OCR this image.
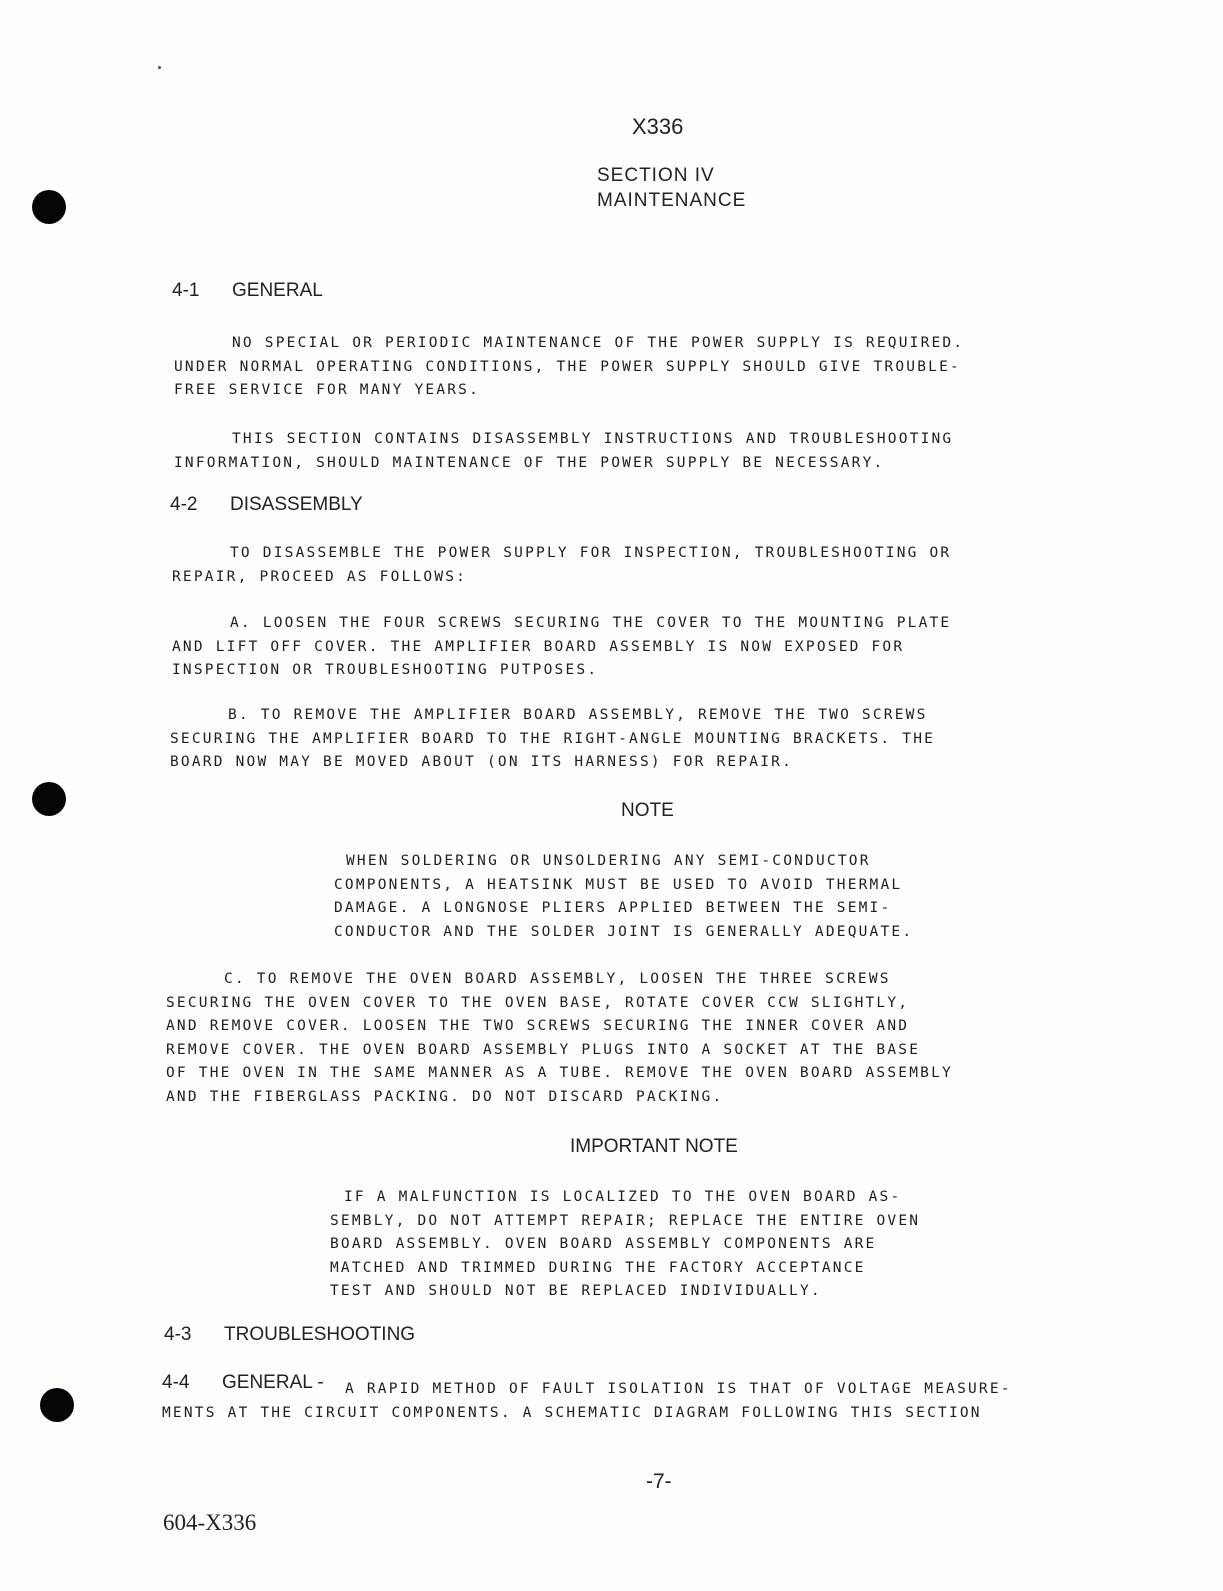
X336
SECTION IV
MAINTENANCE
4-1 GENERAL
NO SPECIAL OR PERIODIC MAINTENANCE OF THE POWER SUPPLY IS REQUIRED.
UNDER NORMAL OPERATING CONDITIONS, THE POWER SUPPLY SHOULD GIVE TROUBLE-
FREE SERVICE FOR MANY YEARS.
THIS SECTION CONTAINS DISASSEMBLY INSTRUCTIONS AND TROUBLESHOOTING
INFORMATION, SHOULD MAINTENANCE OF THE POWER SUPPLY BE NECESSARY.
4-2 DISASSEMBLY
TO DISASSEMBLE THE POWER SUPPLY FOR INSPECTION, TROUBLESHOOTING OR
REPAIR, PROCEED AS FOLLOWS:
A. LOOSEN THE FOUR SCREWS SECURING THE COVER TO THE MOUNTING PLATE
AND LIFT OFF COVER. THE AMPLIFIER BOARD ASSEMBLY IS NOW EXPOSED FOR
INSPECTION OR TROUBLESHOOTING PUTPOSES.
B. TO REMOVE THE AMPLIFIER BOARD ASSEMBLY, REMOVE THE TWO SCREWS
SECURING THE AMPLIFIER BOARD TO THE RIGHT-ANGLE MOUNTING BRACKETS. THE
BOARD NOW MAY BE MOVED ABOUT (ON ITS HARNESS) FOR REPAIR.
NOTE
WHEN SOLDERING OR UNSOLDERING ANY SEMI-CONDUCTOR
COMPONENTS, A HEATSINK MUST BE USED TO AVOID THERMAL
DAMAGE. A LONGNOSE PLIERS APPLIED BETWEEN THE SEMI-
CONDUCTOR AND THE SOLDER JOINT IS GENERALLY ADEQUATE.
C. TO REMOVE THE OVEN BOARD ASSEMBLY, LOOSEN THE THREE SCREWS
SECURING THE OVEN COVER TO THE OVEN BASE, ROTATE COVER CCW SLIGHTLY,
AND REMOVE COVER. LOOSEN THE TWO SCREWS SECURING THE INNER COVER AND
REMOVE COVER. THE OVEN BOARD ASSEMBLY PLUGS INTO A SOCKET AT THE BASE
OF THE OVEN IN THE SAME MANNER AS A TUBE. REMOVE THE OVEN BOARD ASSEMBLY
AND THE FIBERGLASS PACKING. DO NOT DISCARD PACKING.
IMPORTANT NOTE
IF A MALFUNCTION IS LOCALIZED TO THE OVEN BOARD AS-
SEMBLY, DO NOT ATTEMPT REPAIR; REPLACE THE ENTIRE OVEN
BOARD ASSEMBLY. OVEN BOARD ASSEMBLY COMPONENTS ARE
MATCHED AND TRIMMED DURING THE FACTORY ACCEPTANCE
TEST AND SHOULD NOT BE REPLACED INDIVIDUALLY.
4-3 TROUBLESHOOTING
4-4 GENERAL -	A RAPID METHOD OF FAULT ISOLATION IS THAT OF VOLTAGE MEASURE-
MENTS AT THE CIRCUIT COMPONENTS. A SCHEMATIC DIAGRAM FOLLOWING THIS SECTION
-7-
604-X336
